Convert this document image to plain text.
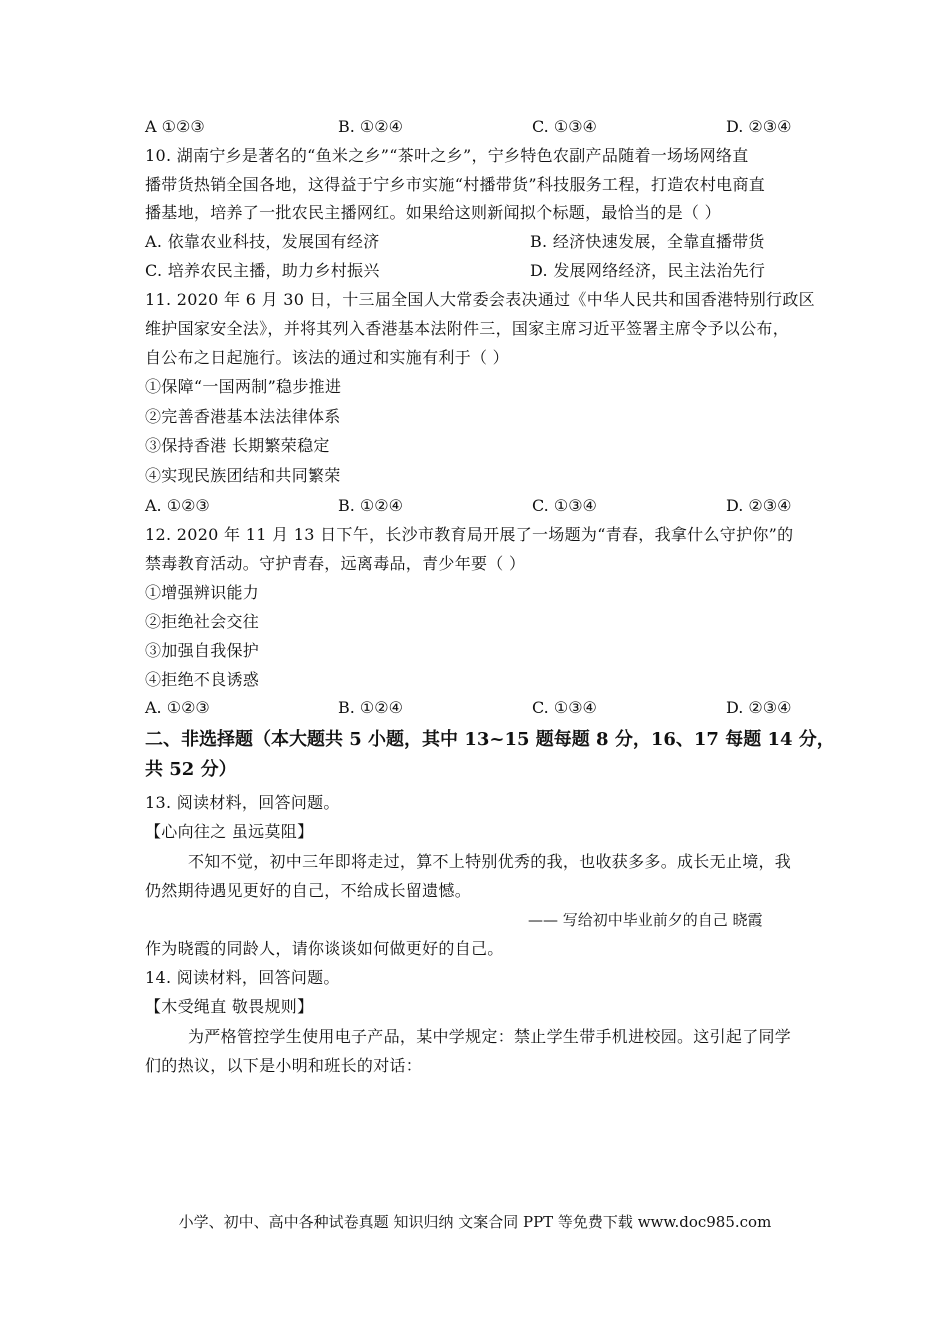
A ①②③	B. ①②④	C. ①③④	D. ②③④
10. 湖南宁乡是著名的“鱼米之乡”“茶叶之乡”，宁乡特色农副产品随着一场场网络直
播带货热销全国各地，这得益于宁乡市实施“村播带货”科技服务工程，打造农村电商直
播基地，培养了一批农民主播网红。如果给这则新闻拟个标题，最恰当的是（ ）
A. 依靠农业科技，发展国有经济	B. 经济快速发展，全靠直播带货
C. 培养农民主播，助力乡村振兴	D. 发展网络经济，民主法治先行
11. 2020 年 6 月 30 日，十三届全国人大常委会表决通过《中华人民共和国香港特别行政区
维护国家安全法》，并将其列入香港基本法附件三，国家主席习近平签署主席令予以公布，
自公布之日起施行。该法的通过和实施有利于（ ）
①保障“一国两制”稳步推进
②完善香港基本法法律体系
③保持香港 长期繁荣稳定
④实现民族团结和共同繁荣
A. ①②③	B. ①②④	C. ①③④	D. ②③④
12. 2020 年 11 月 13 日下午，长沙市教育局开展了一场题为“青春，我拿什么守护你”的
禁毒教育活动。守护青春，远离毒品，青少年要（ ）
①增强辨识能力
②拒绝社会交往
③加强自我保护
④拒绝不良诱惑
A. ①②③	B. ①②④	C. ①③④	D. ②③④
二、非选择题（本大题共 5 小题，其中 13~15 题每题 8 分，16、17 每题 14 分，
共 52 分）
13. 阅读材料，回答问题。
【心向往之 虽远莫阻】
不知不觉，初中三年即将走过，算不上特别优秀的我，也收获多多。成长无止境，我
仍然期待遇见更好的自己，不给成长留遗憾。
—— 写给初中毕业前夕的自己 晓霞
作为晓霞的同龄人，请你谈谈如何做更好的自己。
14. 阅读材料，回答问题。
【木受绳直 敬畏规则】
为严格管控学生使用电子产品，某中学规定：禁止学生带手机进校园。这引起了同学
们的热议，以下是小明和班长的对话：
小学、初中、高中各种试卷真题 知识归纳 文案合同 PPT 等免费下载 www.doc985.com
